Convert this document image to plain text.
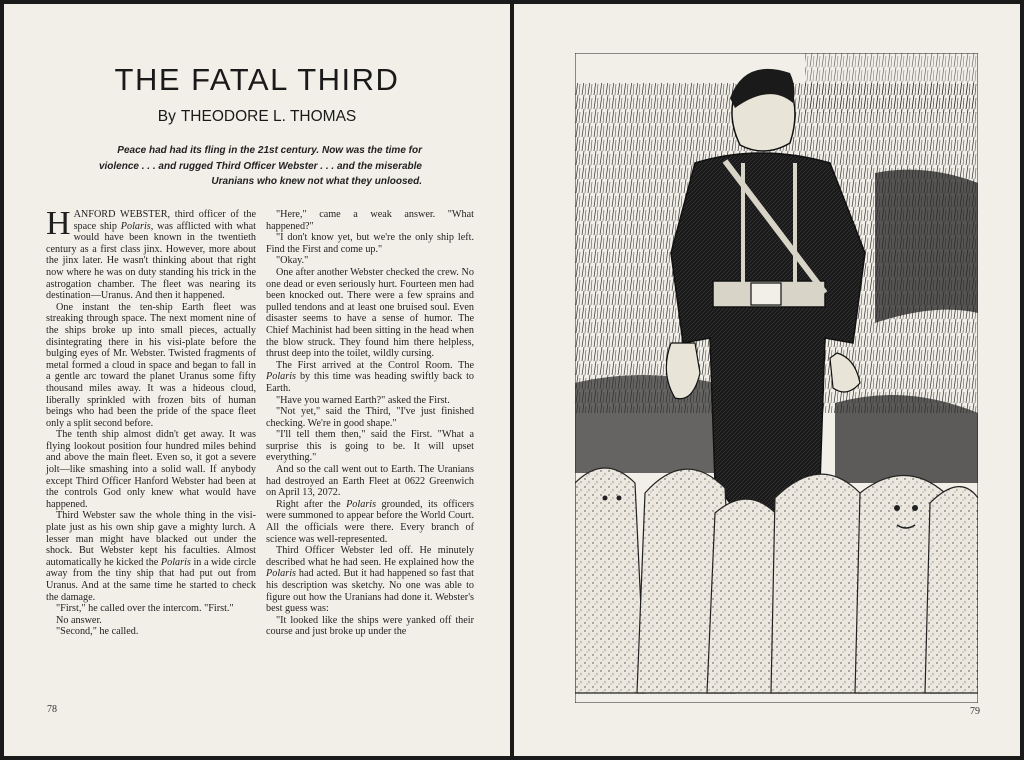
THE FATAL THIRD
By THEODORE L. THOMAS
Peace had had its fling in the 21st century. Now was the time for violence . . . and rugged Third Officer Webster . . . and the miserable Uranians who knew not what they unloosed.

HANFORD WEBSTER, third officer of the space ship Polaris, was afflicted with what would have been known in the twentieth century as a first class jinx. However, more about the jinx later. He wasn't thinking about that right now where he was on duty standing his trick in the astrogation chamber. The fleet was nearing its destination—Uranus. And then it happened.

One instant the ten-ship Earth fleet was streaking through space. The next moment nine of the ships broke up into small pieces, actually disintegrating there in his visi-plate before the bulging eyes of Mr. Webster. Twisted fragments of metal formed a cloud in space and began to fall in a gentle arc toward the planet Uranus some fifty thousand miles away. It was a hideous cloud, liberally sprinkled with frozen bits of human beings who had been the pride of the space fleet only a split second before.

The tenth ship almost didn't get away. It was flying lookout position four hundred miles behind and above the main fleet. Even so, it got a severe jolt—like smashing into a solid wall. If anybody except Third Officer Hanford Webster had been at the controls God only knew what would have happened.

Third Webster saw the whole thing in the visi-plate just as his own ship gave a mighty lurch. A lesser man might have blacked out under the shock. But Webster kept his faculties. Almost automatically he kicked the Polaris in a wide circle away from the tiny ship that had put out from Uranus. And at the same time he started to check the damage.

"First," he called over the intercom. "First."

No answer.

"Second," he called.

"Here," came a weak answer. "What happened?"

"I don't know yet, but we're the only ship left. Find the First and come up."

"Okay."

One after another Webster checked the crew. No one dead or even seriously hurt. Fourteen men had been knocked out. There were a few sprains and pulled tendons and at least one bruised soul. Even disaster seems to have a sense of humor. The Chief Machinist had been sitting in the head when the blow struck. They found him there helpless, thrust deep into the toilet, wildly cursing.

The First arrived at the Control Room. The Polaris by this time was heading swiftly back to Earth.

"Have you warned Earth?" asked the First.

"Not yet," said the Third, "I've just finished checking. We're in good shape."

"I'll tell them then," said the First. "What a surprise this is going to be. It will upset everything."

And so the call went out to Earth. The Uranians had destroyed an Earth Fleet at 0622 Greenwich on April 13, 2072.

Right after the Polaris grounded, its officers were summoned to appear before the World Court. All the officials were there. Every branch of science was well-represented.

Third Officer Webster led off. He minutely described what he had seen. He explained how the Polaris had acted. But it had happened so fast that his description was sketchy. No one was able to figure out how the Uranians had done it. Webster's best guess was:

"It looked like the ships were yanked off their course and just broke up under the

78	79
